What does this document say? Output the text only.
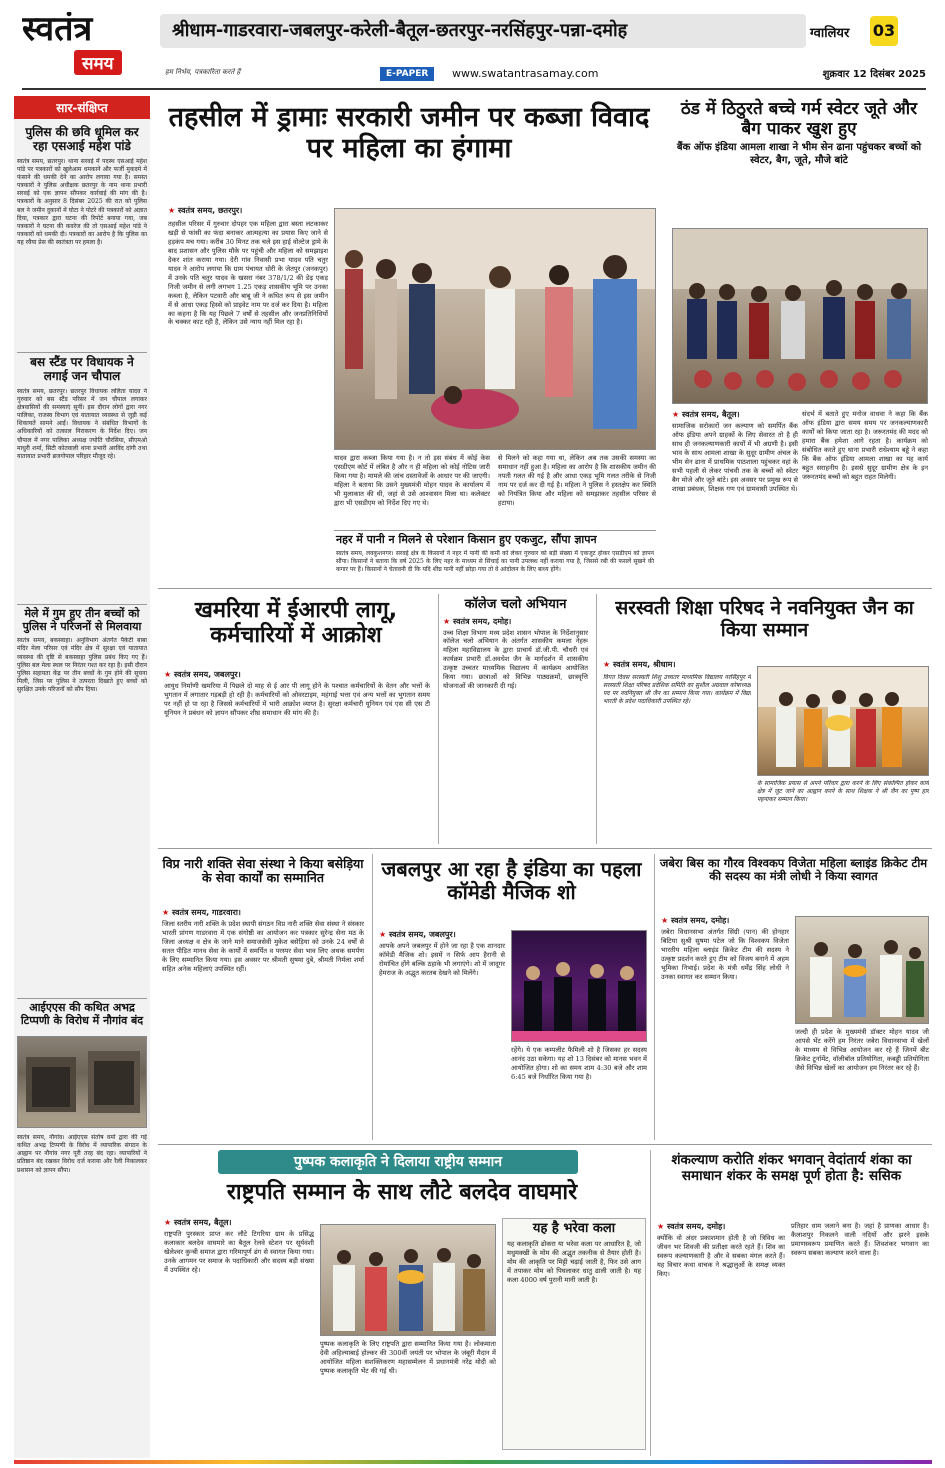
स्वतंत्र
समय
श्रीधाम-गाडरवारा-जबलपुर-करेली-बैतूल-छतरपुर-नरसिंहपुर-पन्ना-दमोह	ग्वालियर 03
हम निर्भय, पत्रकारिता करते हैं	E-PAPER	www.swatantrasamay.com	शुक्रवार 12 दिसंबर 2025
सार-संक्षिप्त
पुलिस की छवि धूमिल कर रहा एसआई महेश पांडे
स्वतंत्र समय, छतरपुर। थाना सरवई में पदस्थ एसआई महेश पांडे पर पत्रकारों को खुलेआम धमकाने और फर्जी मुकदमे में फंसाने की धमकी देने का आरोप लगाया गया है। समस्त पत्रकारों ने पुलिस अधीक्षक छतरपुर के नाम थाना प्रभारी सरवई को एक ज्ञापन सौंपकर कार्रवाई की मांग की है। पत्रकारों के अनुसार 8 दिसंबर 2025 की रात को पुलिस बल ने जमीन दुकानों में घोटा ने पोटरे की पत्रकारों को अज्ञात दिया, पत्रकार द्वारा घटना की रिपोर्ट बनाया गया, जब पत्रकारों ने घटना की कवरेज की तो एसआई महेश पांडे ने पत्रकारों को धमकी दी। पत्रकारों का आरोप है कि पुलिस का यह रवैया प्रेस की स्वतंत्रता पर हमला है।
बस स्टैंड पर विधायक ने लगाई जन चौपाल
स्वतंत्र समय, छतरपुर। छतरपुर विधायक ललिता यादव ने गुरुवार को बस स्टैंड परिसर में जन चौपाल लगाकर क्षेत्रवासियों की समस्याएं सुनीं। इस दौरान लोगों द्वारा नगर पालिका, राजस्व विभाग एवं यातायात व्यवस्था से जुड़ी कई शिकायतें सामने आईं। विधायक ने संबंधित विभागों के अधिकारियों को तत्काल निराकरण के निर्देश दिए। जन चौपाल में नगर पालिका अध्यक्ष ज्योति चौरसिया, सीएमओ माधुरी शर्मा, सिटी कोतवाली थाना प्रभारी अरविंद दांगी तथा यातायात प्रभारी ब्रजगोपाल परिहार मौजूद रहे।
मेले में गुम हुए तीन बच्चों को पुलिस ने परिजनों से मिलवाया
स्वतंत्र समय, बकस्वाहा। अनुविभाग अंतर्गत पैकेटी बाबा मंदिर मेला परिसर एवं मंदिर क्षेत्र में सुरक्षा एवं यातायात व्यवस्था की दृष्टि से बकस्वाहा पुलिस प्रबंध किए गए हैं। पुलिस बल मेला स्थल पर निरंतर गश्त कर रहा है। इसी दौरान पुलिस सहायता केंद्र पर तीन बच्चों के गुम होने की सूचना मिली, जिस पर पुलिस ने तत्परता दिखाते हुए बच्चों को सुरक्षित उनके परिजनों को सौंप दिया।
आईएएस की कथित अभद्र टिप्पणी के विरोध में नौगांव बंद
स्वतंत्र समय, नौगांव। आईएएस संतोष वर्मा द्वारा की गई कथित अभद्र टिप्पणी के विरोध में व्यापारिक संगठन के आह्वान पर नौगांव नगर पूरी तरह बंद रहा। व्यापारियों ने प्रतिष्ठान बंद रखकर विरोध दर्ज कराया और रैली निकालकर प्रशासन को ज्ञापन सौंपा।
तहसील में ड्रामाः सरकारी जमीन पर कब्जा विवाद पर महिला का हंगामा
★ स्वतंत्र समय, छतरपुर।
तहसील परिसर में गुरुवार दोपहर एक महिला द्वारा बस्ता लटकाकर खड़ी से फांसी का फंदा बनाकर आत्महत्या का प्रयास किए जाने से हड़कंप मच गया। करीब 30 मिनट तक चले इस हाई वोल्टेज ड्रामे के बाद प्रशासन और पुलिस मौके पर पहुंची और महिला को समझाइश देकर शांत कराया गया। देरी गांव निवासी प्रभा यादव पति चतुर यादव ने आरोप लगाया कि ग्राम पंचायत धोरी के जेतपुर (जनकपुर) में उनके पति चतुर यादव के खसरा नंबर 378/1/2 की डेढ़ एकड़ निजी जमीन से लगी लगभग 1.25 एकड़ शासकीय भूमि पर उनका कब्जा है, लेकिन पटवारी और बाबू जी ने कथित रूप से इस जमीन में से आधा एकड़ हिस्से को प्राइवेट नाम पर दर्ज कर दिया है। महिला का कहना है कि यह पिछले 7 वर्षों से तहसील और जनप्रतिनिधियों के चक्कर काट रही है, लेकिन उसे न्याय नहीं मिल रहा है।
यादव द्वारा कब्जा किया गया है। न तो इस संबंध में कोई केस एसडीएम कोर्ट में लंबित है और न ही महिला को कोई नोटिस जारी किया गया है। मामले की जांच दस्तावेजों के आधार पर की जाएगी। महिला ने बताया कि उसने मुख्यमंत्री मोहन यादव के कार्यालय में भी मुलाकात की थी, जहां से उसे आश्वासन मिला था। कलेक्टर द्वारा भी एसडीएम को निर्देश दिए गए थे।
से मिलने को कहा गया था, लेकिन अब तक उसकी समस्या का समाधान नहीं हुआ है। महिला का आरोप है कि शासकीय जमीन की नपती गलत की गई है और आधा एकड़ भूमि गलत तरीके से निजी नाम पर दर्ज कर दी गई है। महिला ने पुलिस ने हस्तक्षेप कर स्थिति को नियंत्रित किया और महिला को समझाकर तहसील परिसर से हटाया।
नहर में पानी न मिलने से परेशान किसान हुए एकजुट, सौंपा ज्ञापन
स्वतंत्र समय, लवकुशनगर। सरवई क्षेत्र के किसानों ने नहर में पानी की कमी को लेकर गुरुवार को बड़ी संख्या में एकजुट होकर एसडीएम को ज्ञापन सौंपा। किसानों ने बताया कि वर्ष 2025 के लिए नहर के माध्यम से सिंचाई का पानी उपलब्ध नहीं कराया गया है, जिससे रबी की फसलें सूखने की कगार पर हैं। किसानों ने चेतावनी दी कि यदि शीघ्र पानी नहीं छोड़ा गया तो वे आंदोलन के लिए बाध्य होंगे।
ठंड में ठिठुरते बच्चे गर्म स्वेटर जूते और बैग पाकर खुश हुए
बैंक ऑफ इंडिया आमला शाखा ने भीम सेन ढाना पहुंचकर बच्चों को स्वेटर, बैग, जूते, मौजे बांटे
★ स्वतंत्र समय, बैतूल।
सामाजिक सरोकारों जन कल्याण को समर्पित बैंक ऑफ इंडिया अपने ग्राहकों के लिए सेवारत तो है ही साथ ही जनकल्याणकारी कार्यों में भी अग्रणी है। इसी भाव के साथ आमला शाखा के सुदूर ग्रामीण अंचल के भीम सेन ढाना में प्राथमिक पाठशाला पहुंचकर वहां के सभी पहली से लेकर पांचवी तक के बच्चों को स्वेटर बैग मोजे और जूते बांटे। इस अवसर पर प्रमुख रूप से शाखा प्रबंधक, शिक्षक गण एवं ग्रामवासी उपस्थित थे।
संदर्भ में बताते हुए मनोज वाधवा ने कहा कि बैंक ऑफ इंडिया द्वारा समय समय पर जनकल्याणकारी कार्यों को किया जाता रहा है। जरूरतमंद की मदद को हमारा बैंक हमेशा आगे रहता है। कार्यक्रम को संबोधित करते हुए थाना प्रभारी राधेश्याम बड्डे ने कहा कि बैंक ऑफ इंडिया आमला शाखा का यह कार्य बहुत सराहनीय है। इससे सुदूर ग्रामीण क्षेत्र के इन जरूरतमंद बच्चों को बहुत राहत मिलेगी।
खमरिया में ईआरपी लागू, कर्मचारियों में आक्रोश
★ स्वतंत्र समय, जबलपुर।
आयुध निर्माणी खमरिया में पिछले दो माह से ई आर पी लागू होने के पश्चात कर्मचारियों के वेतन और भत्तों के भुगतान में लगातार गड़बड़ी हो रही है। कर्मचारियों को ओवरटाइम, महंगाई भत्ता एवं अन्य भत्तों का भुगतान समय पर नहीं हो पा रहा है जिससे कर्मचारियों में भारी आक्रोश व्याप्त है। सुरक्षा कर्मचारी यूनियन एवं एस सी एस टी यूनियन ने प्रबंधन को ज्ञापन सौंपकर शीघ्र समाधान की मांग की है।
कॉलेज चलो अभियान
★ स्वतंत्र समय, दमोह।
उच्च शिक्षा विभाग मध्य प्रदेश शासन भोपाल के निर्देशानुसार कॉलेज चलो अभियान के अंतर्गत शासकीय कमला नेहरू महिला महाविद्यालय के द्वारा प्राचार्य डॉ.जी.पी. चौधरी एवं कार्यक्रम प्रभारी डॉ.अवधेश जैन के मार्गदर्शन में शासकीय उत्कृष्ट उच्चतर माध्यमिक विद्यालय में कार्यक्रम आयोजित किया गया। छात्राओं को विभिन्न पाठ्यक्रमों, छात्रवृत्ति योजनाओं की जानकारी दी गई।
सरस्वती शिक्षा परिषद ने नवनियुक्त जैन का किया सम्मान
★ स्वतंत्र समय, श्रीधाम।
विगत दिवस सरस्वती शिशु उच्चतर माध्यमिक विद्यालय नरसिंहपुर में सरस्वती शिक्षा परिषद प्रदेशिक समिति का सुशील अग्रवाल कोषाध्यक्ष पद पर नवनियुक्त श्री जैन का सम्मान किया गया। कार्यक्रम में विद्या भारती के प्रदेश पदाधिकारी उपस्थित रहे।
के सामाजिक प्रयास से अपने परिवार द्वारा करने के लिए संकल्पित होकर कार्य क्षेत्र में जुट जाने का आह्वान करने के साथ शिक्षक ने श्री जैन का पुष्प हार पहनाकर सम्मान किया।
विप्र नारी शक्ति सेवा संस्था ने किया बसेड़िया के सेवा कार्यों का सम्मानित
★ स्वतंत्र समय, गाडरवारा।
जिला स्तरीय नारी शक्ति के प्रदेश स्थापी संगठन विप्र नारी शक्ति सेवा संस्था ने संस्कार भारती प्रांगण गाडरवारा में एक संगोष्ठी का आयोजन कर पत्रकार सुरेन्द्र सेना मठ के जिला अध्यक्ष व क्षेत्र के जाने माने समाजसेवी मुकेश बसेड़िया को उनके 24 वर्षों से सतत पीड़ित मानव सेवा के कार्यों में समर्पित व परस्पर सेवा भाव लिए अथक समर्पण के लिए सम्मानित किया गया। इस अवसर पर श्रीमती सुषमा दुबे, श्रीमती निर्मला शर्मा सहित अनेक महिलाएं उपस्थित रहीं।
जबलपुर आ रहा है इंडिया का पहला कॉमेडी मैजिक शो
★ स्वतंत्र समय, जबलपुर।
आपके अपने जबलपुर में होने जा रहा है एक शानदार कॉमेडी मैजिक शो। इसमें न सिर्फ आप हैरानी से रोमांचित होंगे बल्कि ठहाके भी लगाएंगे। शो में जादूगर हेमराज के अद्भुत करतब देखने को मिलेंगे।
रहेंगे। ये एक कम्पलीट फैमिली शो है जिसका हर सदस्य आनंद उठा सकेगा। यह शो 13 दिसंबर को मानस भवन में आयोजित होगा। शो का समय शाम 4:30 बजे और शाम 6:45 बजे निर्धारित किया गया है।
जबेरा बिस का गौरव विश्वकप विजेता महिला ब्लाइंड क्रिकेट टीम की सदस्य का मंत्री लोधी ने किया स्वागत
★ स्वतंत्र समय, दमोह।
जबेरा विधानसभा अंतर्गत सिंग्री (पान) की होनहार बिटिया सुश्री सुषमा पटेल जो कि विश्वकप विजेता भारतीय महिला ब्लाइंड क्रिकेट टीम की सदस्य ने उत्कृष्ट प्रदर्शन करते हुए टीम को विजय बनाने में अहम भूमिका निभाई। प्रदेश के मंत्री धर्मेंद्र सिंह लोधी ने उनका स्वागत कर सम्मान किया।
जल्दी ही प्रदेश के मुख्यमंत्री डॉक्टर मोहन यादव जी आपसे भेंट करेंगे हम निरंतर जबेरा विधानसभा में खेलों के माध्यम से विभिन्न आयोजन कर रहे हैं जिनमें बीट क्रिकेट टूर्नामेंट, वॉलीबॉल प्रतियोगिता, कबड्डी प्रतियोगिता जैसे विभिन्न खेलों का आयोजन हम निरंतर कर रहे हैं।
पुष्पक कलाकृति ने दिलाया राष्ट्रीय सम्मान
राष्ट्रपति सम्मान के साथ लौटे बलदेव वाघमारे
★ स्वतंत्र समय, बैतूल।
राष्ट्रपति पुरस्कार प्राप्त कर लौटे टिगरिया ग्राम के प्रसिद्ध कलाकार बलदेव वाघमारे का बैतूल रेलवे स्टेशन पर सूर्यवंशी खेलेश्वर कुन्बी समाज द्वारा गरिमापूर्ण ढंग से स्वागत किया गया। उनके आगमन पर समाज के पदाधिकारी और सदस्य बड़ी संख्या में उपस्थित रहे।
पुष्पक कलाकृति के लिए राष्ट्रपति द्वारा सम्मानित किया गया है। लोकमाता देवी अहिल्याबाई होल्कर की 300वीं जयंती पर भोपाल के जंबूरी मैदान में आयोजित महिला सशक्तिकरण महासम्मेलन में प्रधानमंत्री नरेंद्र मोदी को पुष्पक कलाकृति भेंट की गई थी।
यह है भरेवा कला
यह कलाकृति ढोकरा या भरेवा कला पर आधारित है, जो मधुमक्खी के मोम की अद्भुत तकनीक से तैयार होती है। मोम की आकृति पर मिट्टी चढ़ाई जाती है, फिर उसे आग में तपाकर मोम को पिघलाकर धातु ढाली जाती है। यह कला 4000 वर्ष पुरानी मानी जाती है।
शंकल्याण करोति शंकर भगवान् वेदांतार्य शंका का समाधान शंकर के समक्ष पूर्ण होता है: ससिक
★ स्वतंत्र समय, दमोह।
क्योंकि वो अंदर प्रकाशमान होती है जो त्रिविध का जीवन भर शिवजी की प्रतीक्षा करते रहते हैं। शिव का स्वरूप कल्याणकारी है और वे सबका मंगल करते हैं। यह विचार कथा वाचक ने श्रद्धालुओं के समक्ष व्यक्त किए।
प्रतिहार धाम जलाने बना है। जहां है प्राणका आधार है। कैलाशपुर निकलने वाली नदियों और झरने इसके प्रमाणस्वरूप प्रमाणित करते हैं। शिवशंकर भगवान का स्वरूप सबका कल्याण करने वाला है।
